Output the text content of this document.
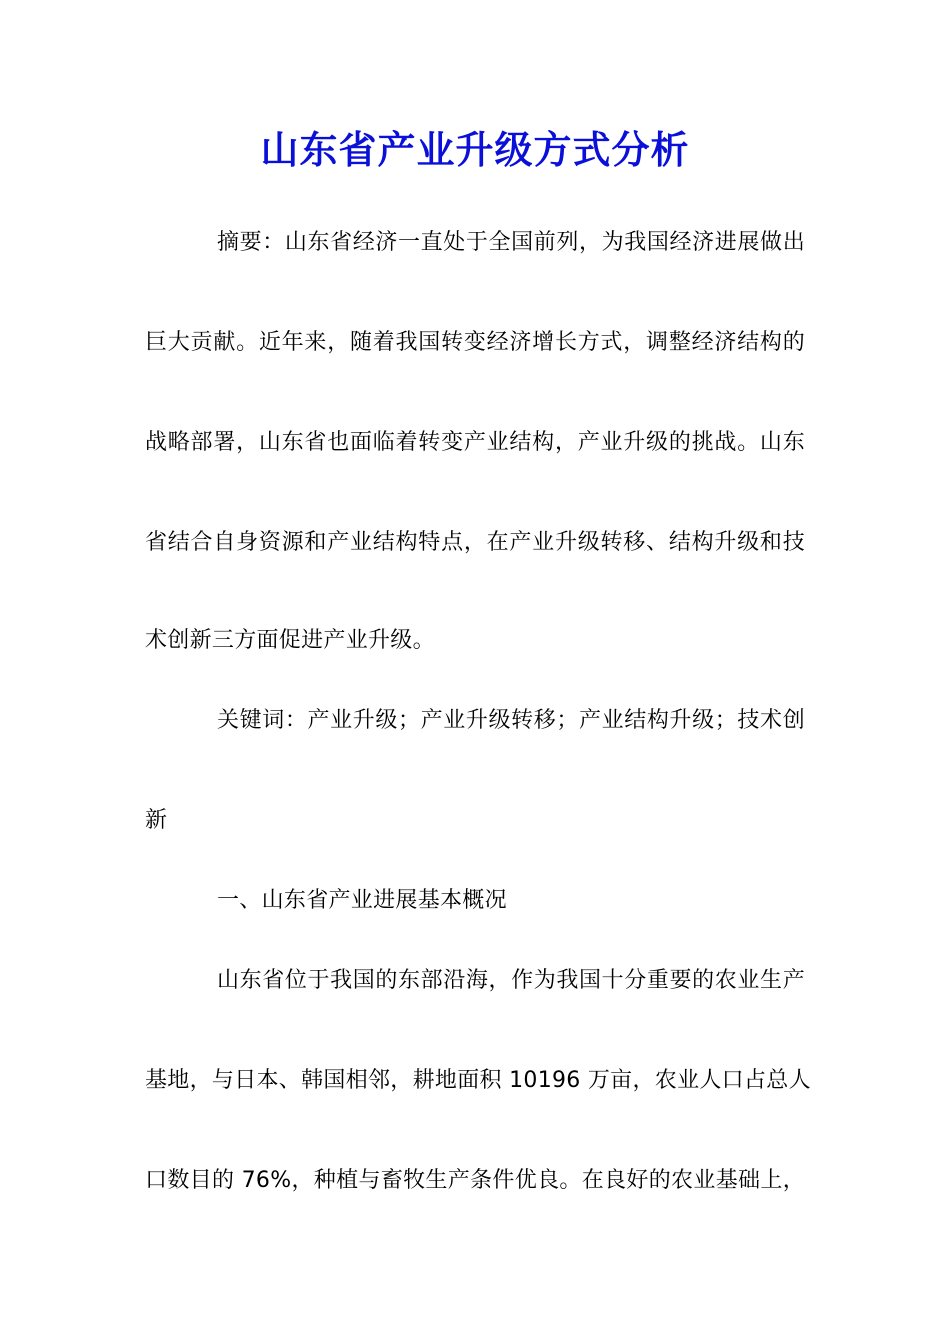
山东省产业升级方式分析
摘要：山东省经济一直处于全国前列，为我国经济进展做出
巨大贡献。近年来，随着我国转变经济增长方式，调整经济结构的
战略部署，山东省也面临着转变产业结构，产业升级的挑战。山东
省结合自身资源和产业结构特点，在产业升级转移、结构升级和技
术创新三方面促进产业升级。
关键词：产业升级；产业升级转移；产业结构升级；技术创
新
一、山东省产业进展基本概况
山东省位于我国的东部沿海，作为我国十分重要的农业生产
基地，与日本、韩国相邻，耕地面积 10196 万亩，农业人口占总人
口数目的 76%，种植与畜牧生产条件优良。在良好的农业基础上，
